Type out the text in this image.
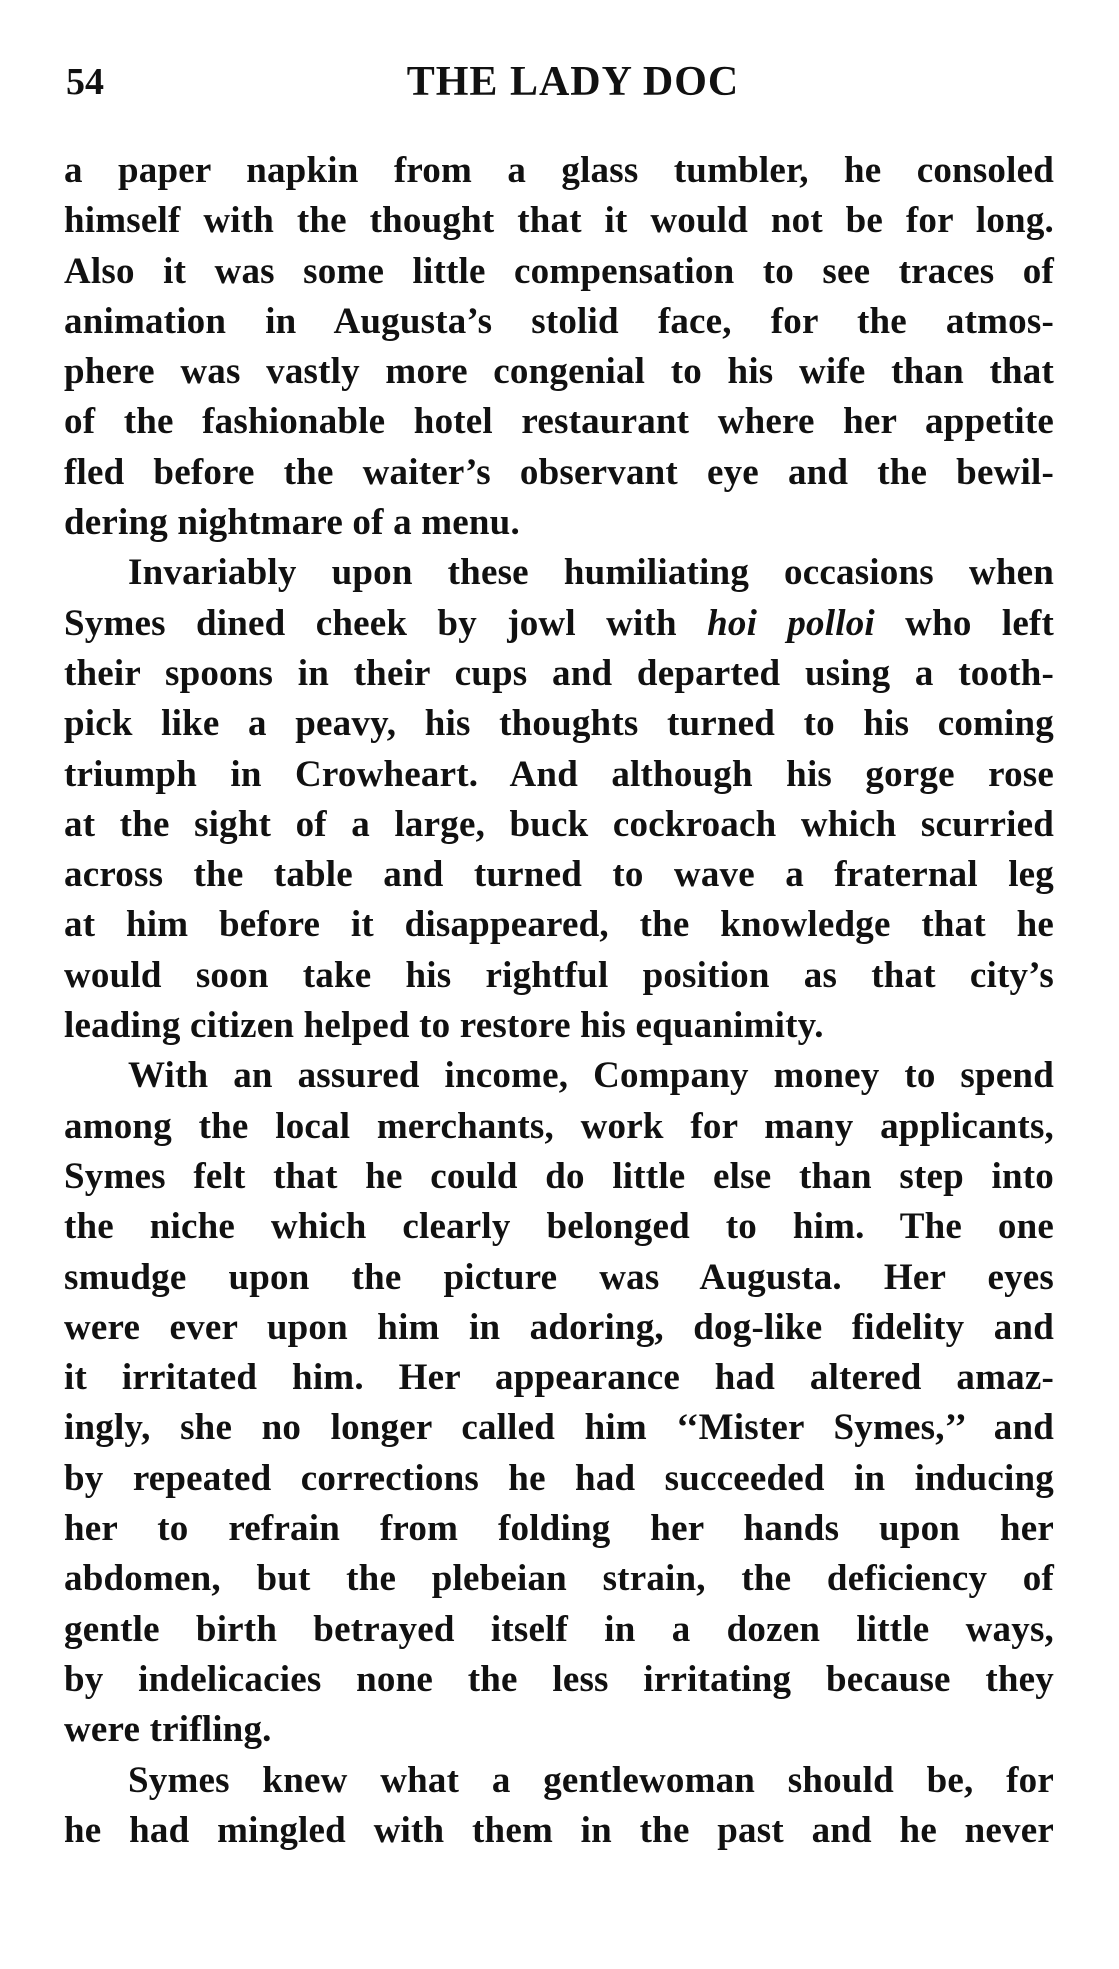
54	THE LADY DOC
a paper napkin from a glass tumbler, he consoled
himself with the thought that it would not be for long.
Also it was some little compensation to see traces of
animation in Augusta’s stolid face, for the atmos-
phere was vastly more congenial to his wife than that
of the fashionable hotel restaurant where her appetite
fled before the waiter’s observant eye and the bewil-
dering nightmare of a menu.
Invariably upon these humiliating occasions when
Symes dined cheek by jowl with hoi polloi who left
their spoons in their cups and departed using a tooth-
pick like a peavy, his thoughts turned to his coming
triumph in Crowheart. And although his gorge rose
at the sight of a large, buck cockroach which scurried
across the table and turned to wave a fraternal leg
at him before it disappeared, the knowledge that he
would soon take his rightful position as that city’s
leading citizen helped to restore his equanimity.
With an assured income, Company money to spend
among the local merchants, work for many applicants,
Symes felt that he could do little else than step into
the niche which clearly belonged to him. The one
smudge upon the picture was Augusta. Her eyes
were ever upon him in adoring, dog-like fidelity and
it irritated him. Her appearance had altered amaz-
ingly, she no longer called him ‘‘Mister Symes,’’ and
by repeated corrections he had succeeded in inducing
her to refrain from folding her hands upon her
abdomen, but the plebeian strain, the deficiency of
gentle birth betrayed itself in a dozen little ways,
by indelicacies none the less irritating because they
were trifling.
Symes knew what a gentlewoman should be, for
he had mingled with them in the past and he never
